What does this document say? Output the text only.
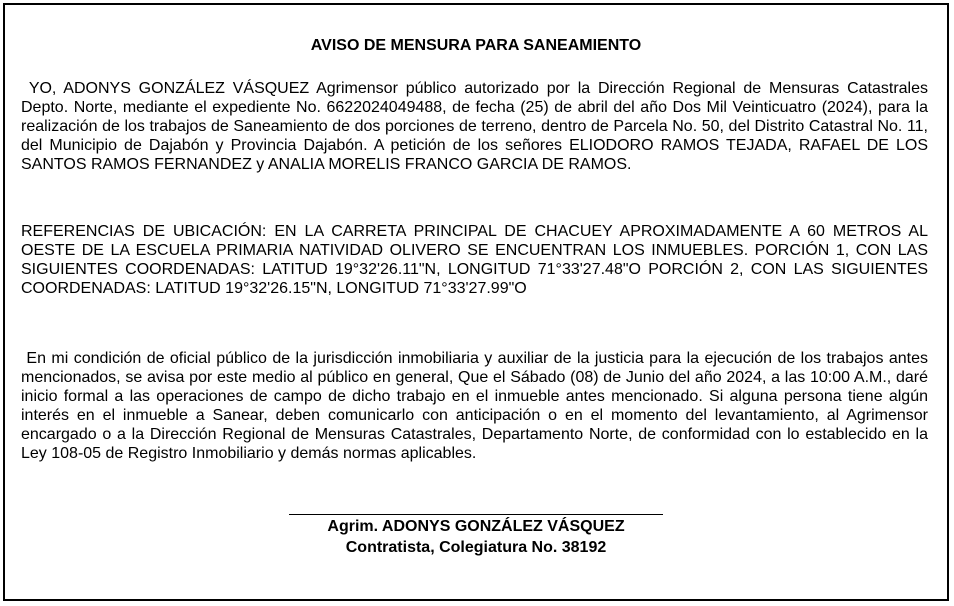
AVISO DE MENSURA PARA SANEAMIENTO

YO, ADONYS GONZÁLEZ VÁSQUEZ Agrimensor público autorizado por la Dirección Regional de Mensuras Catastrales Depto. Norte, mediante el expediente No. 6622024049488, de fecha (25) de abril del año Dos Mil Veinticuatro (2024), para la realización de los trabajos de Saneamiento de dos porciones de terreno, dentro de Parcela No. 50, del Distrito Catastral No. 11, del Municipio de Dajabón y Provincia Dajabón. A petición de los señores ELIODORO RAMOS TEJADA, RAFAEL DE LOS SANTOS RAMOS FERNANDEZ y ANALIA MORELIS FRANCO GARCIA DE RAMOS.

REFERENCIAS DE UBICACIÓN: EN LA CARRETA PRINCIPAL DE CHACUEY APROXIMADAMENTE A 60 METROS AL OESTE DE LA ESCUELA PRIMARIA NATIVIDAD OLIVERO SE ENCUENTRAN LOS INMUEBLES. PORCIÓN 1, CON LAS SIGUIENTES COORDENADAS: LATITUD 19°32'26.11"N, LONGITUD 71°33'27.48"O PORCIÓN 2, CON LAS SIGUIENTES COORDENADAS: LATITUD 19°32'26.15"N, LONGITUD 71°33'27.99"O

En mi condición de oficial público de la jurisdicción inmobiliaria y auxiliar de la justicia para la ejecución de los trabajos antes mencionados, se avisa por este medio al público en general, Que el Sábado (08) de Junio del año 2024, a las 10:00 A.M., daré inicio formal a las operaciones de campo de dicho trabajo en el inmueble antes mencionado. Si alguna persona tiene algún interés en el inmueble a Sanear, deben comunicarlo con anticipación o en el momento del levantamiento, al Agrimensor encargado o a la Dirección Regional de Mensuras Catastrales, Departamento Norte, de conformidad con lo establecido en la Ley 108-05 de Registro Inmobiliario y demás normas aplicables.

Agrim. ADONYS GONZÁLEZ VÁSQUEZ

Contratista, Colegiatura No. 38192
